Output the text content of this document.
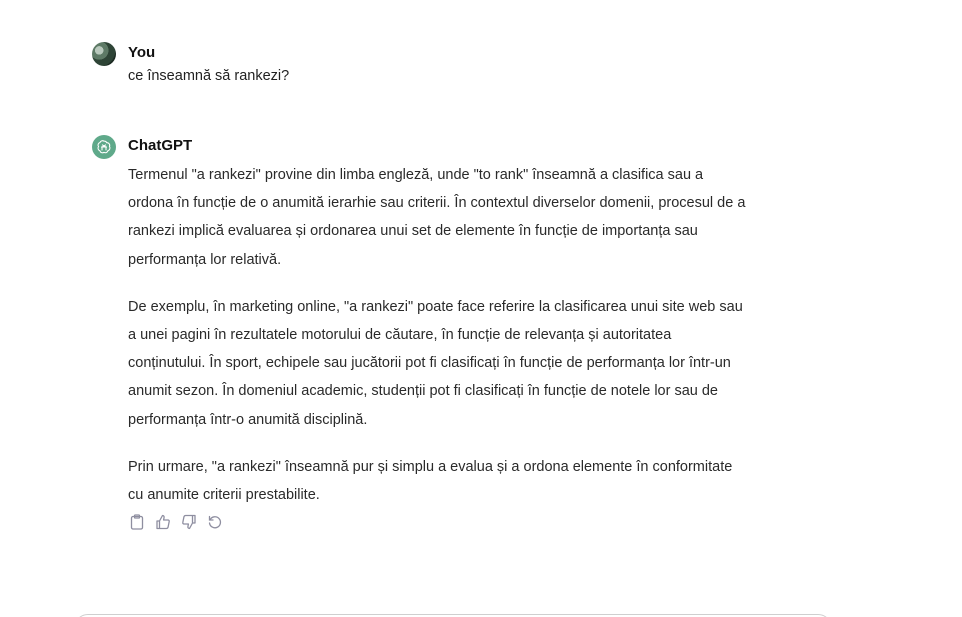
You
ce înseamnă să rankezi?
ChatGPT

Termenul "a rankezi" provine din limba engleză, unde "to rank" înseamnă a clasifica sau a ordona în funcție de o anumită ierarhie sau criterii. În contextul diverselor domenii, procesul de a rankezi implică evaluarea și ordonarea unui set de elemente în funcție de importanța sau performanța lor relativă.

De exemplu, în marketing online, "a rankezi" poate face referire la clasificarea unui site web sau a unei pagini în rezultatele motorului de căutare, în funcție de relevanța și autoritatea conținutului. În sport, echipele sau jucătorii pot fi clasificați în funcție de performanța lor într-un anumit sezon. În domeniul academic, studenții pot fi clasificați în funcție de notele lor sau de performanța într-o anumită disciplină.

Prin urmare, "a rankezi" înseamnă pur și simplu a evalua și a ordona elemente în conformitate cu anumite criterii prestabilite.
